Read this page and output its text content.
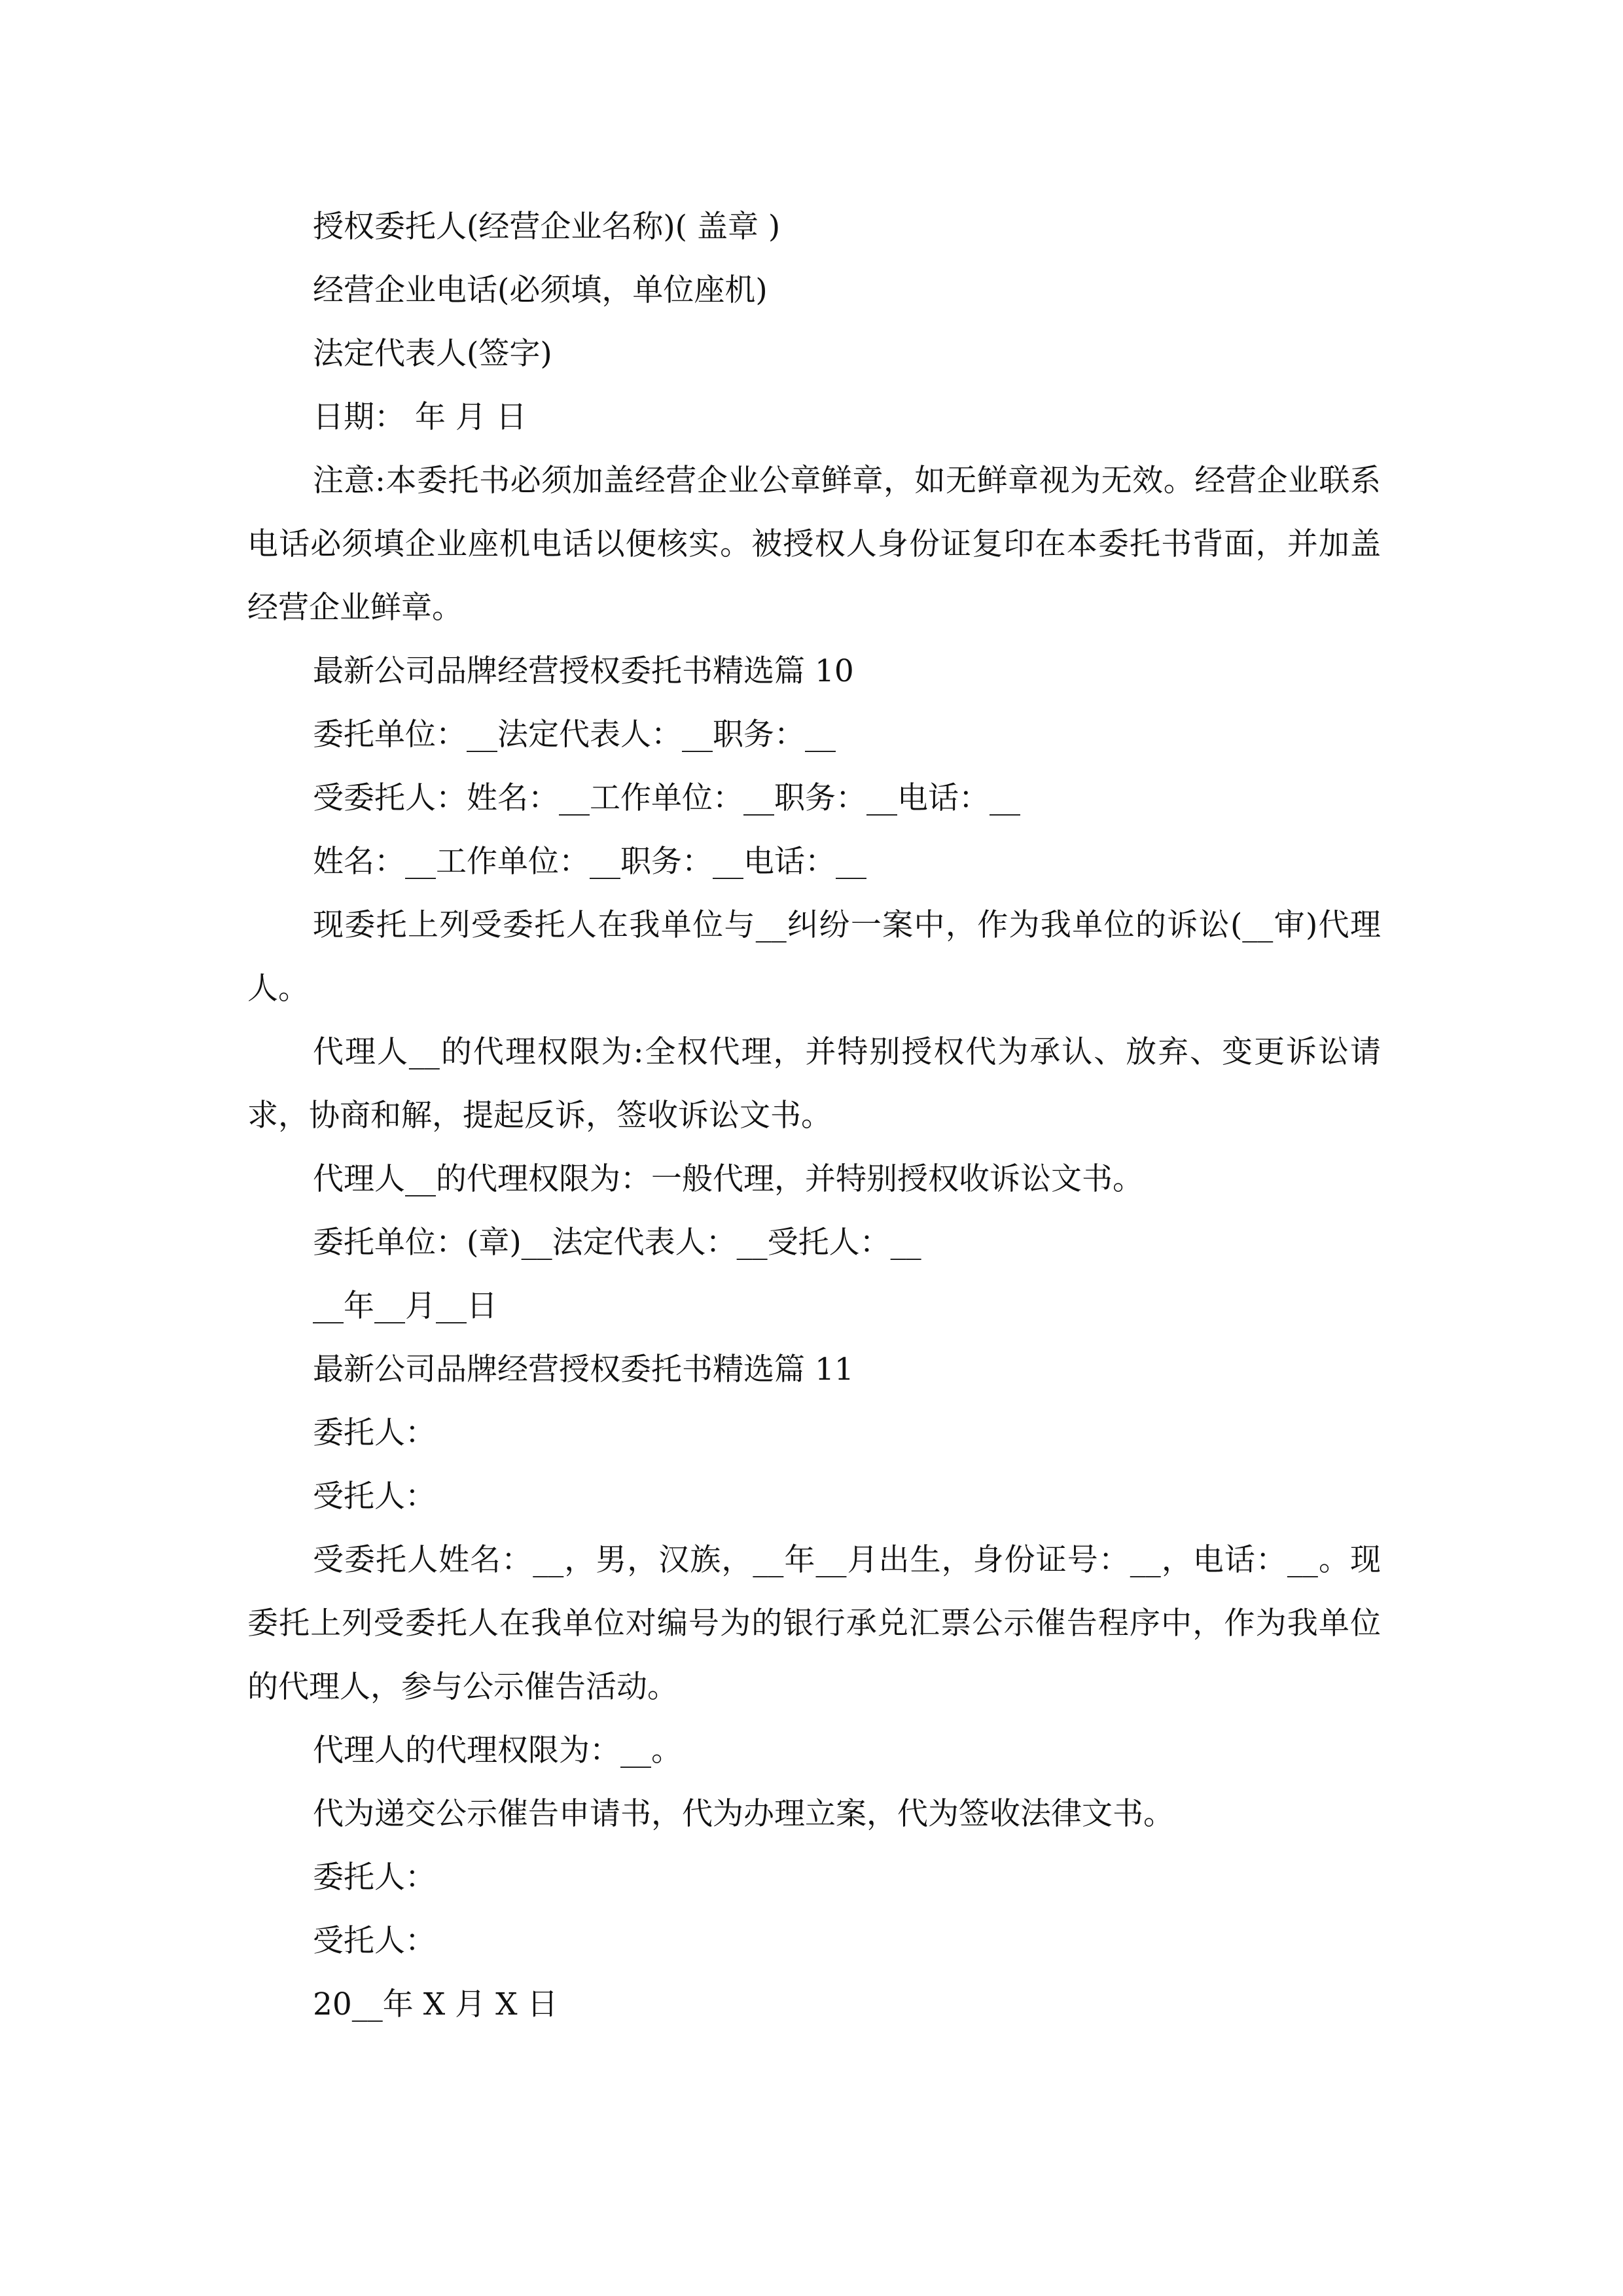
授权委托人(经营企业名称)( 盖章 )

经营企业电话(必须填，单位座机)

法定代表人(签字)

日期： 年 月 日

注意:本委托书必须加盖经营企业公章鲜章，如无鲜章视为无效。经营企业联系电话必须填企业座机电话以便核实。被授权人身份证复印在本委托书背面，并加盖经营企业鲜章。

最新公司品牌经营授权委托书精选篇 10

委托单位：__法定代表人：__职务：__

受委托人：姓名：__工作单位：__职务：__电话：__

姓名：__工作单位：__职务：__电话：__

现委托上列受委托人在我单位与__纠纷一案中，作为我单位的诉讼(__审)代理人。

代理人__的代理权限为:全权代理，并特别授权代为承认、放弃、变更诉讼请求，协商和解，提起反诉，签收诉讼文书。

代理人__的代理权限为：一般代理，并特别授权收诉讼文书。

委托单位：(章)__法定代表人：__受托人：__

__年__月__日

最新公司品牌经营授权委托书精选篇 11

委托人：

受托人：

受委托人姓名：__，男，汉族，__年__月出生，身份证号：__，电话：__。现委托上列受委托人在我单位对编号为的银行承兑汇票公示催告程序中，作为我单位的代理人，参与公示催告活动。

代理人的代理权限为：__。

代为递交公示催告申请书，代为办理立案，代为签收法律文书。

委托人：

受托人：

20__年 X 月 X 日
